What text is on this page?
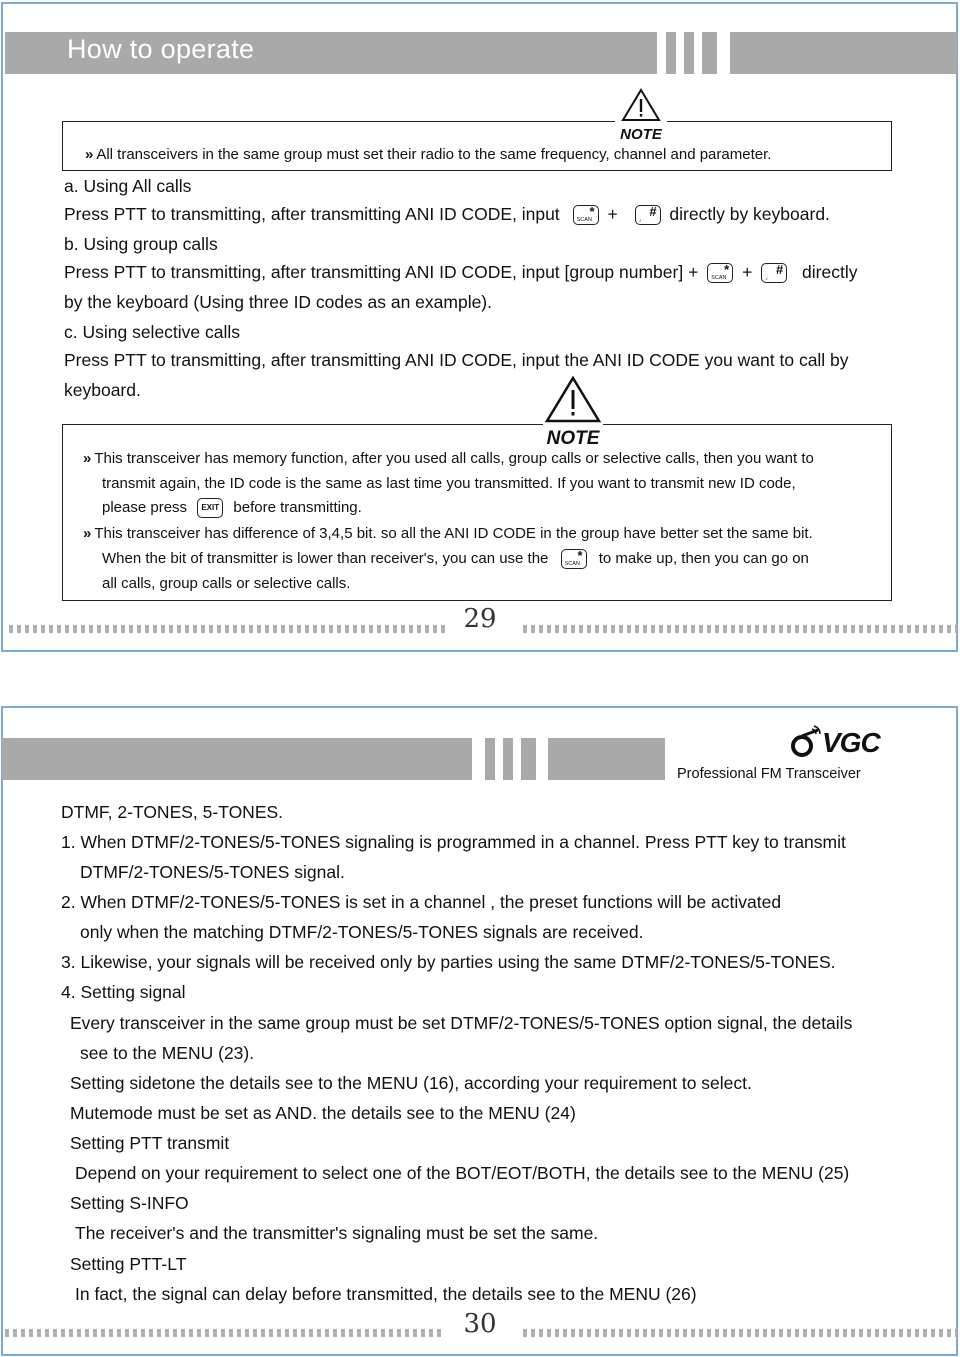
How to operate
» All transceivers in the same group must set their radio to the same frequency, channel and parameter.
NOTE
a. Using All calls
Press PTT to transmitting, after transmitting ANI ID CODE, input *
SCAN + #
⌟ directly by keyboard.
b. Using group calls
Press PTT to transmitting, after transmitting ANI ID CODE, input [group number] + *
SCAN + #
⌟ directly
by the keyboard (Using three ID codes as an example).
c. Using selective calls
Press PTT to transmitting, after transmitting ANI ID CODE, input the ANI ID CODE you want to call by
keyboard.
» This transceiver has memory function, after you used all calls, group calls or selective calls, then you want to
transmit again, the ID code is the same as last time you transmitted. If you want to transmit new ID code,
please press	EXIT before transmitting.
» This transceiver has difference of 3,4,5 bit. so all the ANI ID CODE in the group have better set the same bit.
When the bit of transmitter is lower than receiver's, you can use the *
SCAN to make up, then you can go on
all calls, group calls or selective calls.
NOTE
29
VGC
Professional FM Transceiver
DTMF, 2-TONES, 5-TONES.
1. When DTMF/2-TONES/5-TONES signaling is programmed in a channel. Press PTT key to transmit
DTMF/2-TONES/5-TONES signal.
2. When DTMF/2-TONES/5-TONES is set in a channel , the preset functions will be activated
only when the matching DTMF/2-TONES/5-TONES signals are received.
3. Likewise, your signals will be received only by parties using the same DTMF/2-TONES/5-TONES.
4. Setting signal
Every transceiver in the same group must be set DTMF/2-TONES/5-TONES option signal, the details
see to the MENU (23).
Setting sidetone the details see to the MENU (16), according your requirement to select.
Mutemode must be set as AND. the details see to the MENU (24)
Setting PTT transmit
Depend on your requirement to select one of the BOT/EOT/BOTH, the details see to the MENU (25)
Setting S-INFO
The receiver's and the transmitter's signaling must be set the same.
Setting PTT-LT
In fact, the signal can delay before transmitted, the details see to the MENU (26)
30
